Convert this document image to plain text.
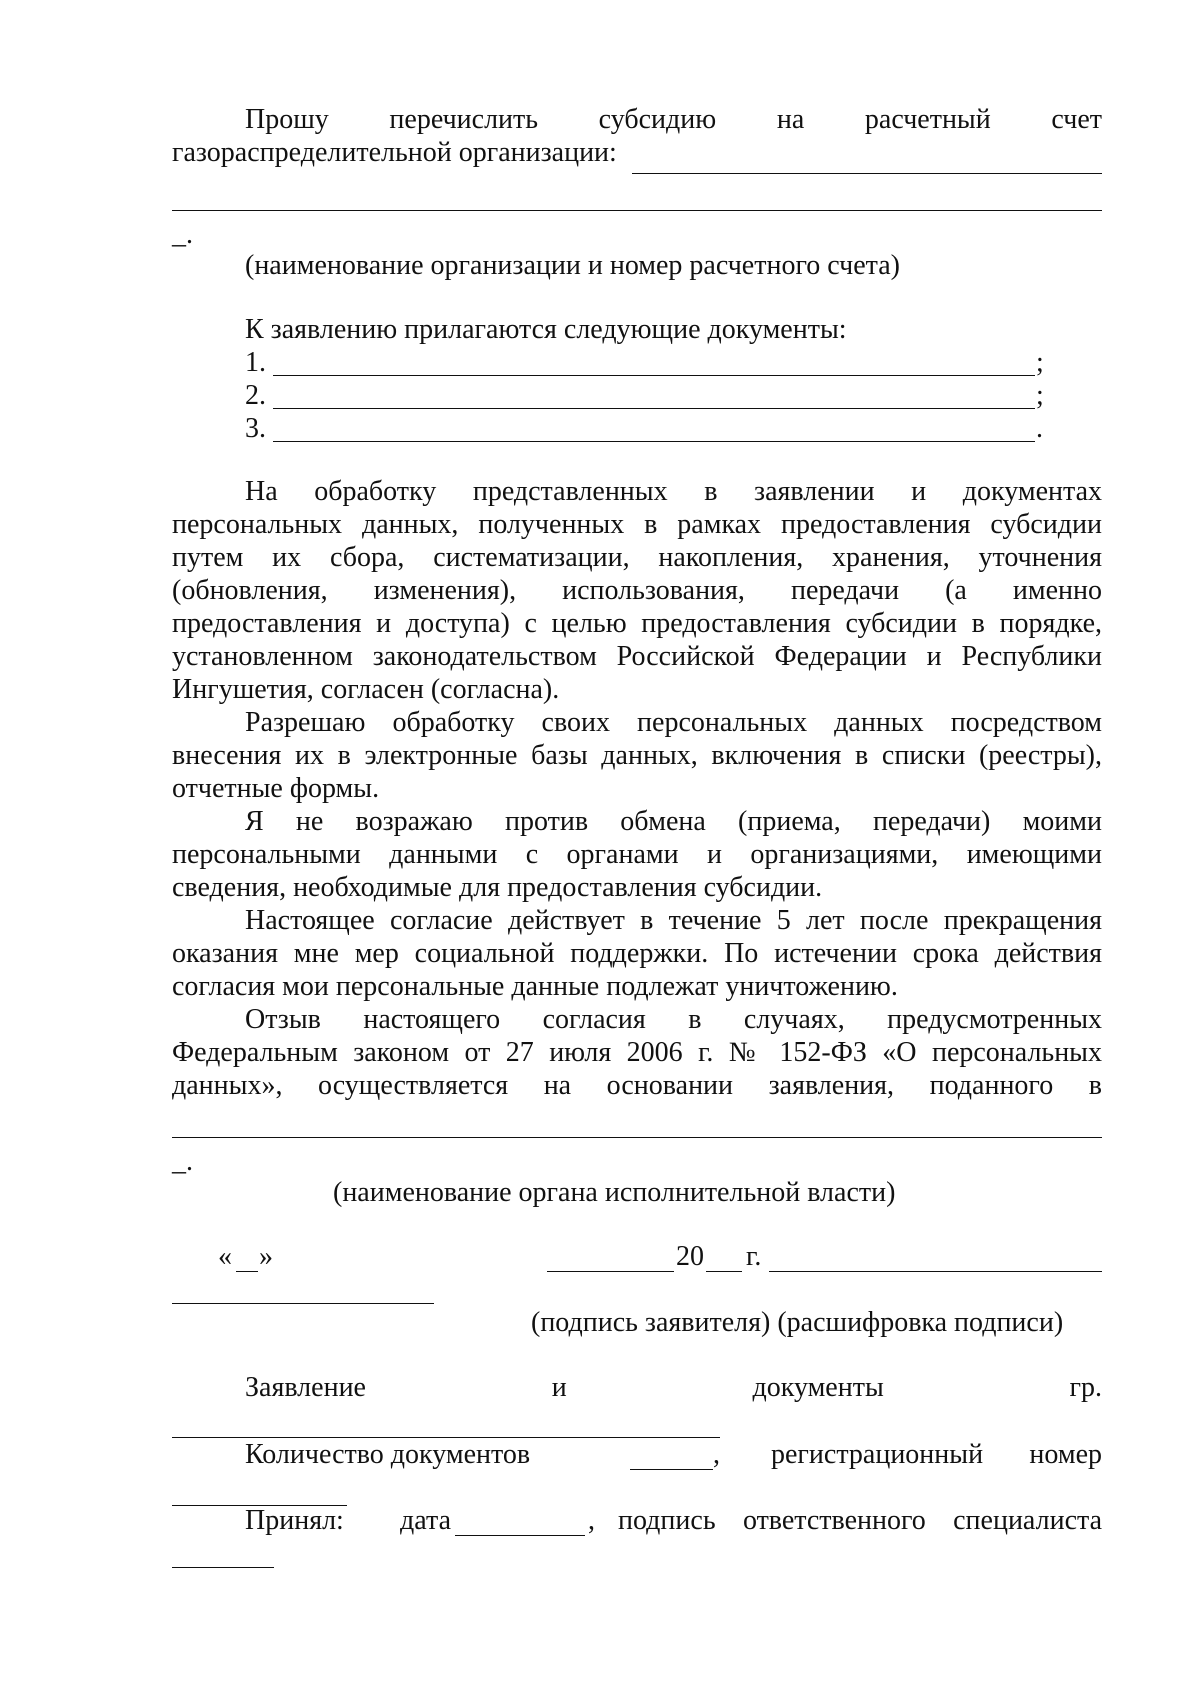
Прошу перечислить субсидию на расчетный счет
газораспределительной организации:
_.
(наименование организации и номер расчетного счета)
К заявлению прилагаются следующие документы:
1.	;
2.	;
3.	.
На обработку представленных в заявлении и документах
персональных данных, полученных в рамках предоставления субсидии
путем их сбора, систематизации, накопления, хранения, уточнения
(обновления, изменения), использования, передачи (а именно
предоставления и доступа) с целью предоставления субсидии в порядке,
установленном законодательством Российской Федерации и Республики
Ингушетия, согласен (согласна).
Разрешаю обработку своих персональных данных посредством
внесения их в электронные базы данных, включения в списки (реестры),
отчетные формы.
Я не возражаю против обмена (приема, передачи) моими
персональными данными с органами и организациями, имеющими
сведения, необходимые для предоставления субсидии.
Настоящее согласие действует в течение 5 лет после прекращения
оказания мне мер социальной поддержки. По истечении срока действия
согласия мои персональные данные подлежат уничтожению.
Отзыв настоящего согласия в случаях, предусмотренных
Федеральным законом от 27 июля 2006 г. № 152-ФЗ «О персональных
данных», осуществляется на основании заявления, поданного в
_.
(наименование органа исполнительной власти)
« »	20 г.
(подпись заявителя) (расшифровка подписи)
Заявление и документы гр.
Количество документов	, регистрационный номер
Принял: дата	, подпись ответственного специалиста
